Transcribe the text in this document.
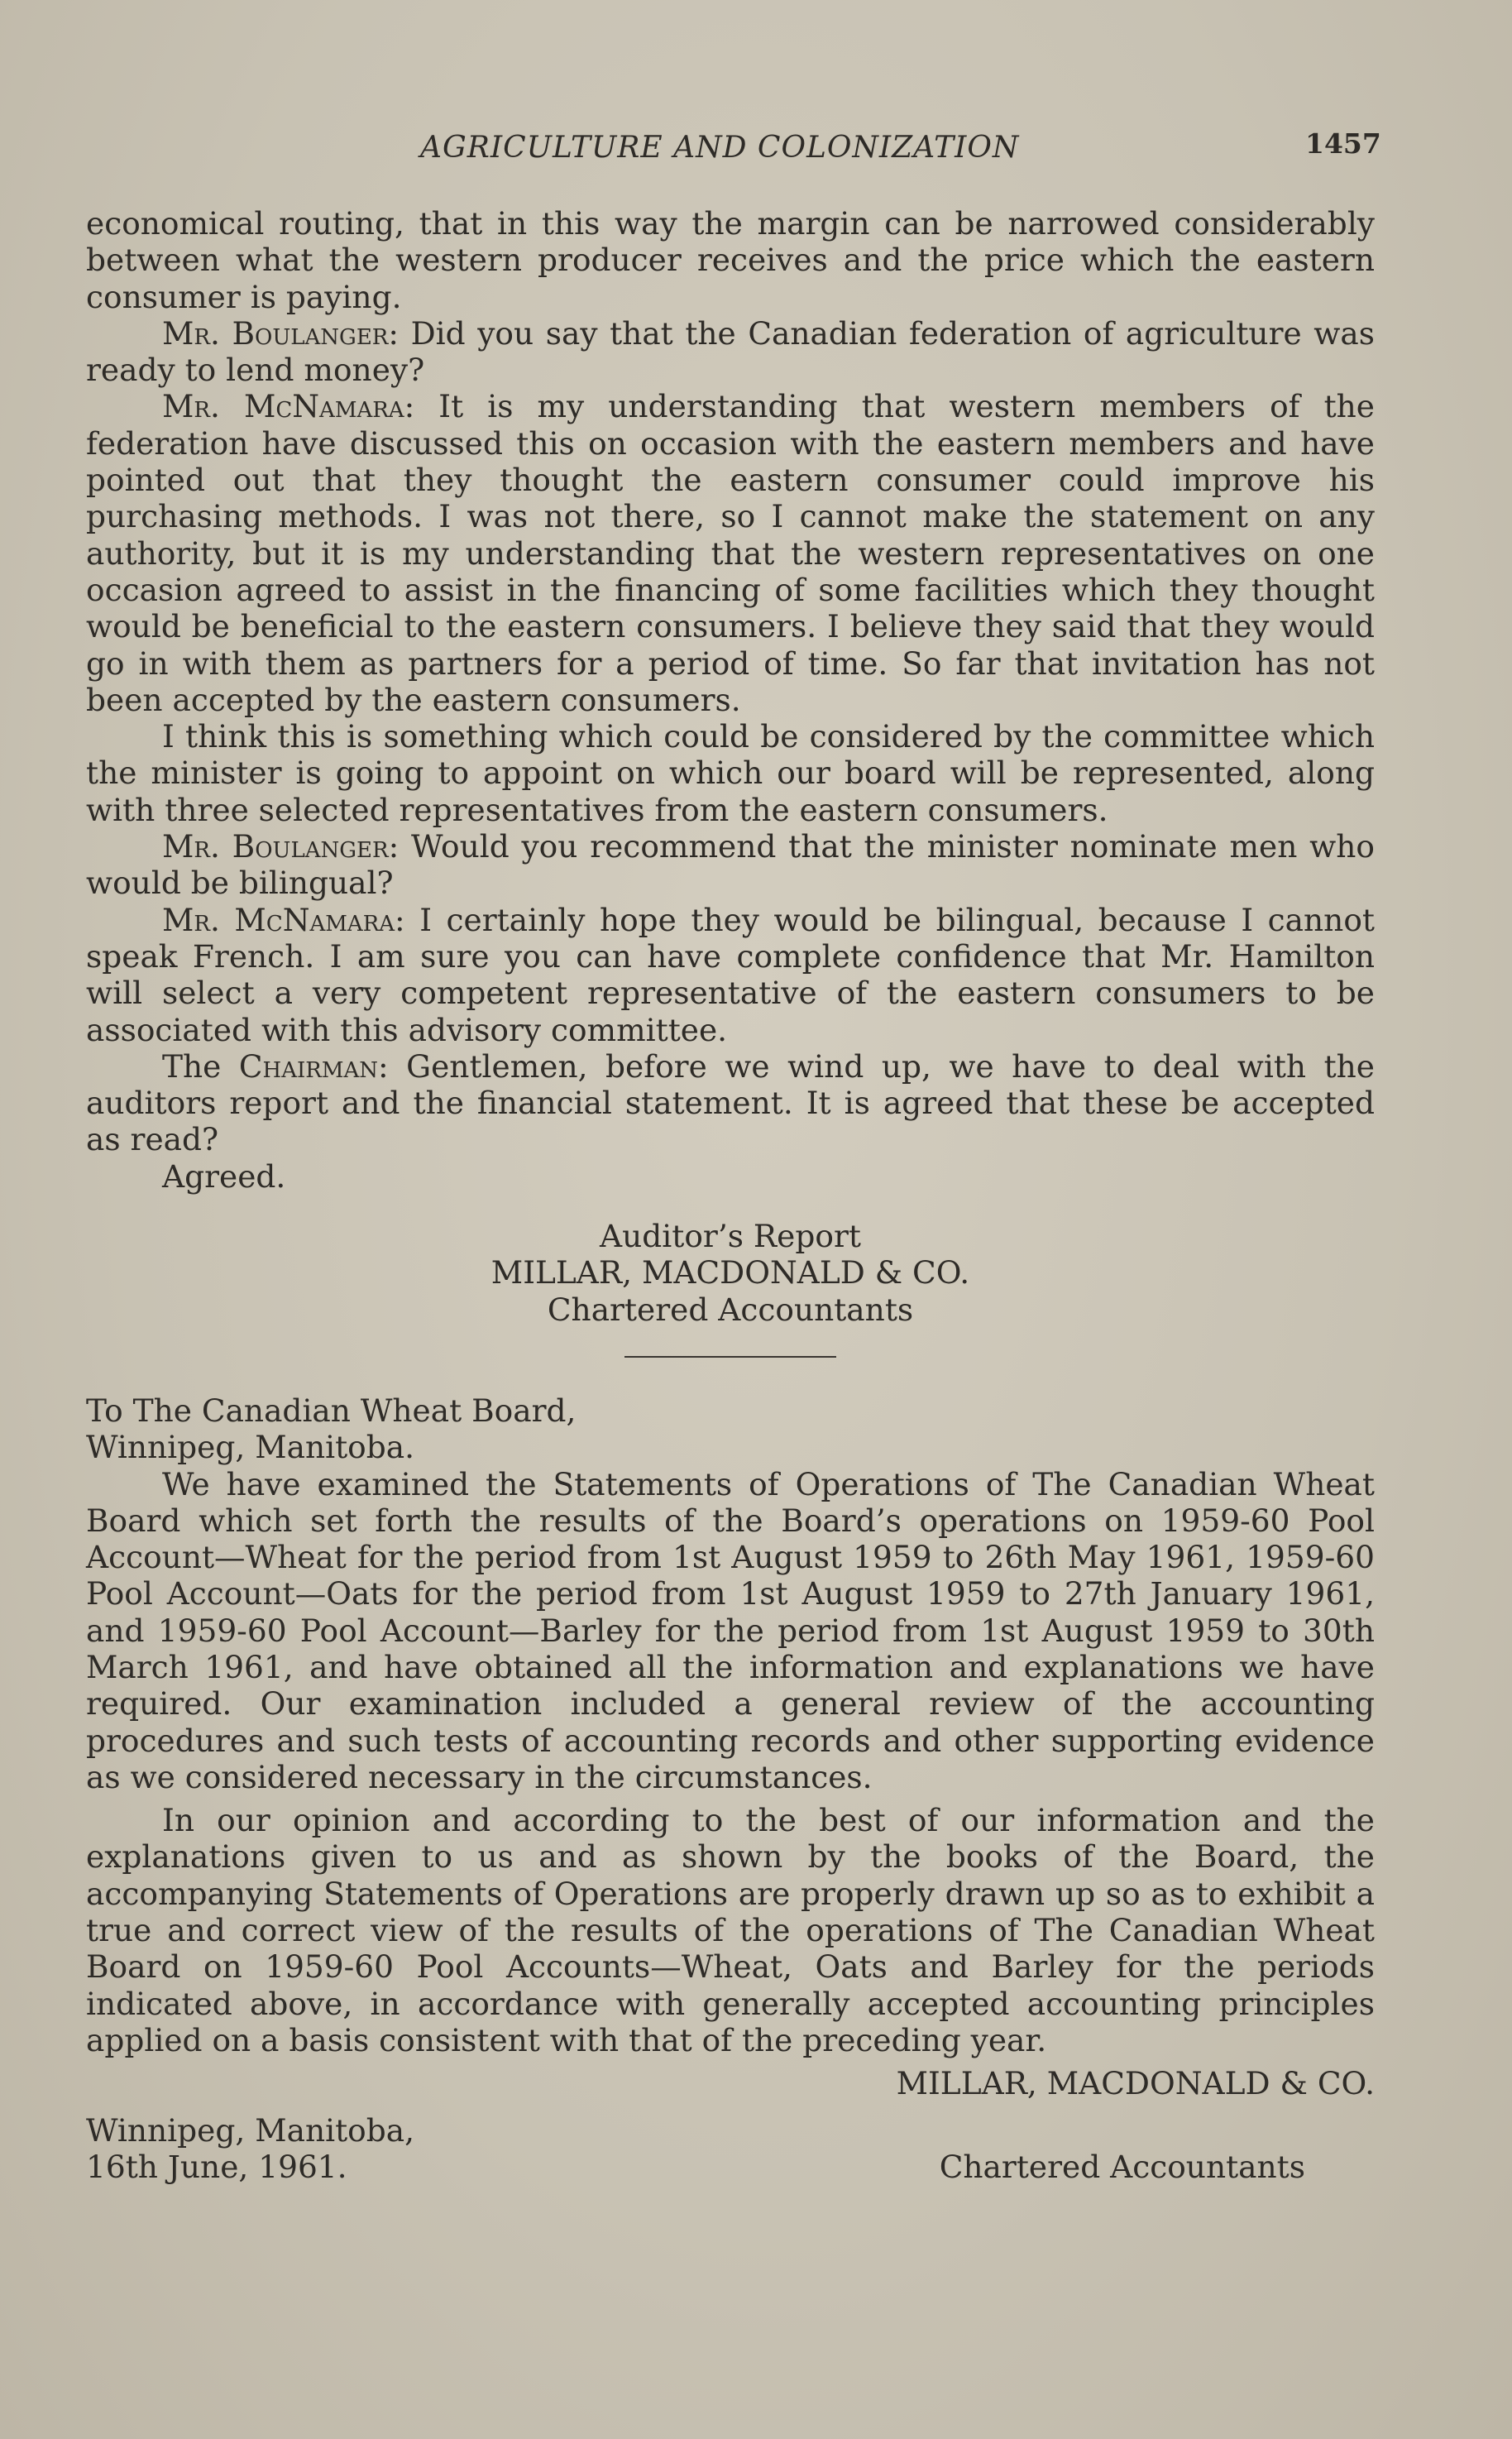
AGRICULTURE AND COLONIZATION	1457

economical routing, that in this way the margin can be narrowed considerably between what the western producer receives and the price which the eastern consumer is paying.

Mr. Boulanger: Did you say that the Canadian federation of agriculture was ready to lend money?

Mr. McNamara: It is my understanding that western members of the federation have discussed this on occasion with the eastern members and have pointed out that they thought the eastern consumer could improve his purchasing methods. I was not there, so I cannot make the statement on any authority, but it is my understanding that the western representatives on one occasion agreed to assist in the financing of some facilities which they thought would be beneficial to the eastern consumers. I believe they said that they would go in with them as partners for a period of time. So far that invitation has not been accepted by the eastern consumers.

I think this is something which could be considered by the committee which the minister is going to appoint on which our board will be represented, along with three selected representatives from the eastern consumers.

Mr. Boulanger: Would you recommend that the minister nominate men who would be bilingual?

Mr. McNamara: I certainly hope they would be bilingual, because I cannot speak French. I am sure you can have complete confidence that Mr. Hamilton will select a very competent representative of the eastern consumers to be associated with this advisory committee.

The Chairman: Gentlemen, before we wind up, we have to deal with the auditors report and the financial statement. It is agreed that these be accepted as read?

Agreed.

Auditor’s Report
MILLAR, MACDONALD & CO.
Chartered Accountants
To The Canadian Wheat Board,
Winnipeg, Manitoba.

We have examined the Statements of Operations of The Canadian Wheat Board which set forth the results of the Board’s operations on 1959-60 Pool Account—Wheat for the period from 1st August 1959 to 26th May 1961, 1959-60 Pool Account—Oats for the period from 1st August 1959 to 27th January 1961, and 1959-60 Pool Account—Barley for the period from 1st August 1959 to 30th March 1961, and have obtained all the information and explanations we have required. Our examination included a general review of the accounting procedures and such tests of accounting records and other supporting evidence as we considered necessary in the circumstances.

In our opinion and according to the best of our information and the explanations given to us and as shown by the books of the Board, the accompanying Statements of Operations are properly drawn up so as to exhibit a true and correct view of the results of the operations of The Canadian Wheat Board on 1959-60 Pool Accounts—Wheat, Oats and Barley for the periods indicated above, in accordance with generally accepted accounting principles applied on a basis consistent with that of the preceding year.

MILLAR, MACDONALD & CO.
Winnipeg, Manitoba,
16th June, 1961.	Chartered Accountants
